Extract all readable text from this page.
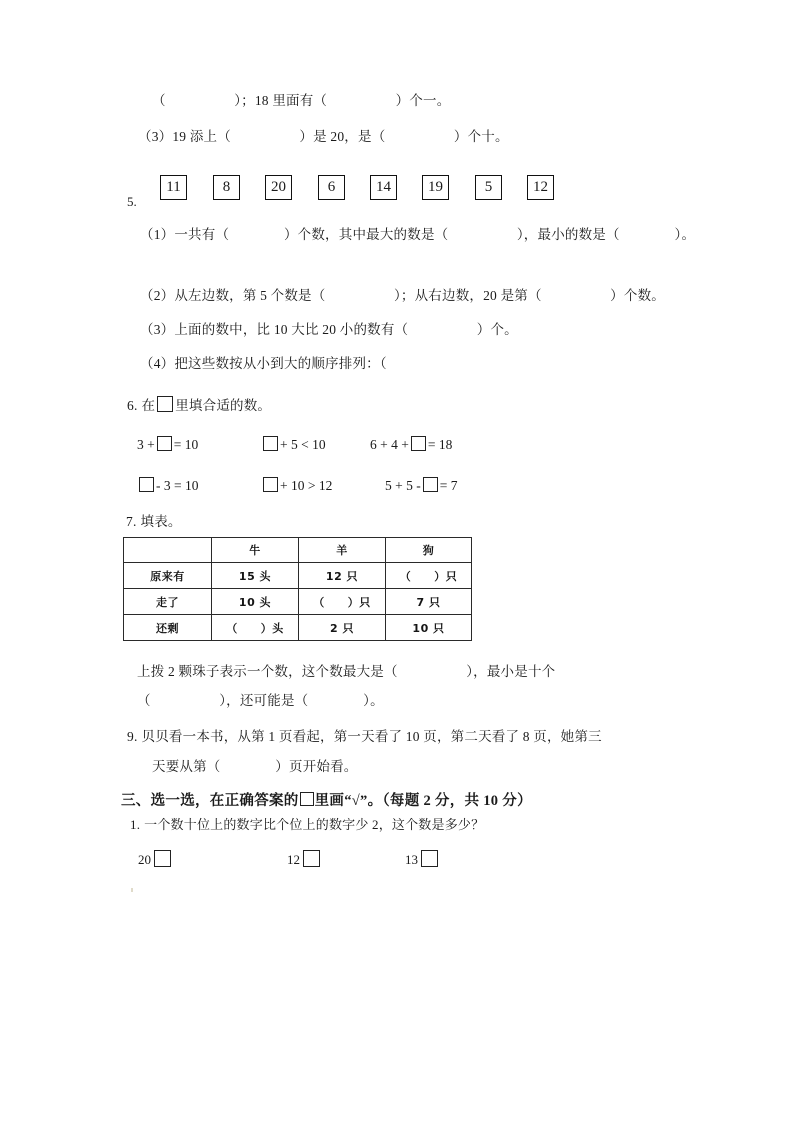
（　　　　　）；18 里面有（　　　　　）个一。
（3）19 添上（　　　　　）是 20，是（　　　　　）个十。
5.
11	8	20	6	14	19	5	12
（1）一共有（　　　　）个数，其中最大的数是（　　　　　），最小的数是（　　　　）。
（2）从左边数，第 5 个数是（　　　　　）；从右边数，20 是第（　　　　　）个数。
（3）上面的数中，比 10 大比 20 小的数有（　　　　　）个。
（4）把这些数按从小到大的顺序排列：（
6. 在 里填合适的数。
3 + = 10	+ 5 < 10	6 + 4 + = 18
- 3 = 10	+ 10 > 12	5 + 5 - = 7
7. 填表。
	牛	羊	狗
原来有	15 头	12 只	（　　）只
走了	10 头	（　　）只	7 只
还剩	（　　）头	2 只	10 只
上拨 2 颗珠子表示一个数，这个数最大是（　　　　　），最小是十个
（　　　　　），还可能是（　　　　）。
9. 贝贝看一本书，从第 1 页看起，第一天看了 10 页，第二天看了 8 页，她第三
天要从第（　　　　）页开始看。
三、选一选，在正确答案的 里画“√”。（每题 2 分，共 10 分）
1. 一个数十位上的数字比个位上的数字少 2，这个数是多少？
20	12	13
